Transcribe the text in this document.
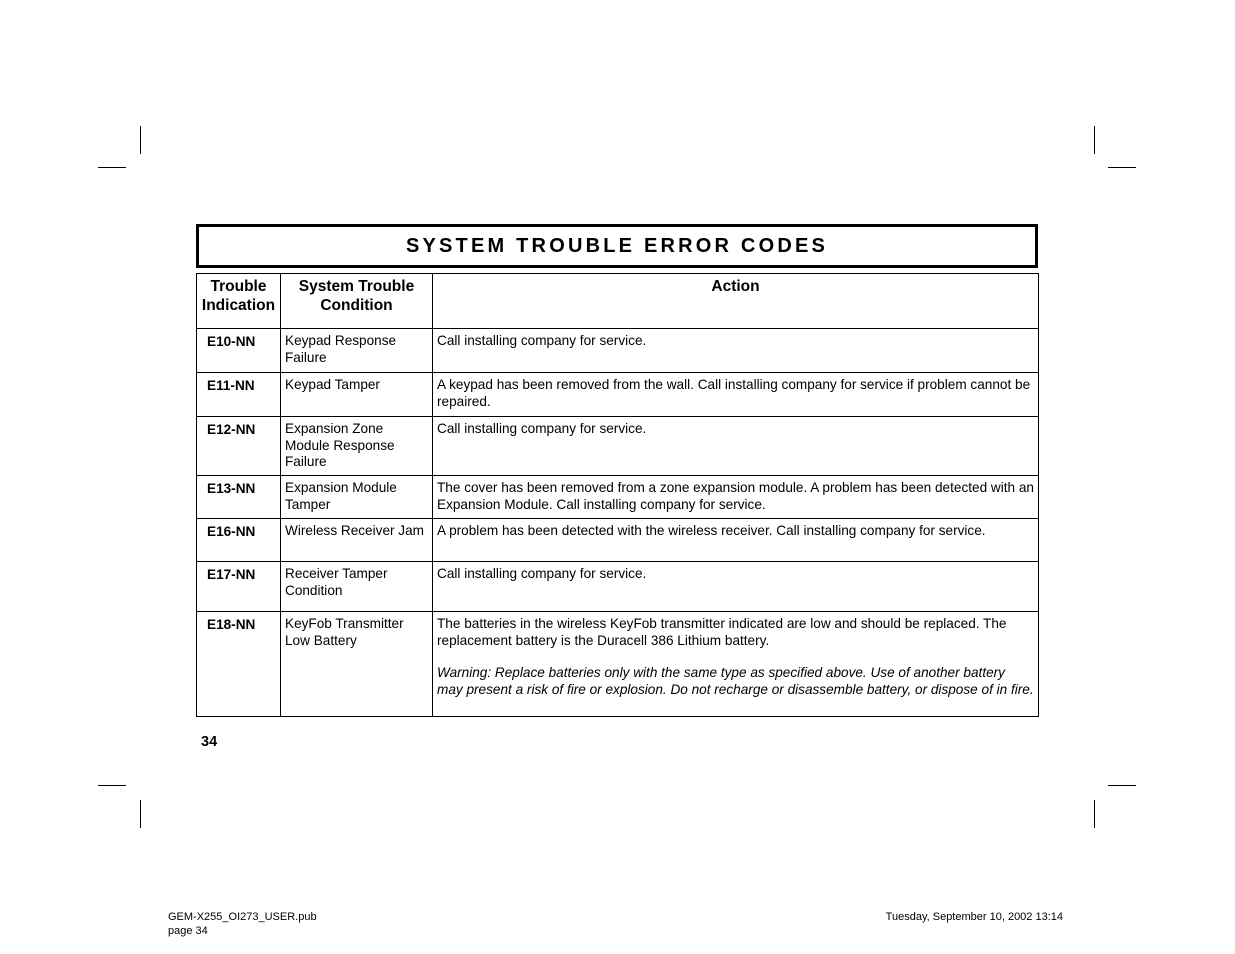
SYSTEM TROUBLE ERROR CODES
Trouble Indication	System Trouble Condition	Action
E10-NN	Keypad Response Failure	Call installing company for service.
E11-NN	Keypad Tamper	A keypad has been removed from the wall. Call installing company for service if problem cannot be repaired.
E12-NN	Expansion Zone Module Response Failure	Call installing company for service.
E13-NN	Expansion Module Tamper	The cover has been removed from a zone expansion module. A problem has been detected with an Expansion Module. Call installing company for service.
E16-NN	Wireless Receiver Jam	A problem has been detected with the wireless receiver. Call installing company for service.
E17-NN	Receiver Tamper Condition	Call installing company for service.
E18-NN	KeyFob Transmitter Low Battery	The batteries in the wireless KeyFob transmitter indicated are low and should be replaced. The replacement battery is the Duracell 386 Lithium battery.
Warning: Replace batteries only with the same type as specified above. Use of another battery may present a risk of fire or explosion. Do not recharge or disassemble battery, or dispose of in fire.
34
GEM-X255_OI273_USER.pub
page 34
Tuesday, September 10, 2002 13:14
